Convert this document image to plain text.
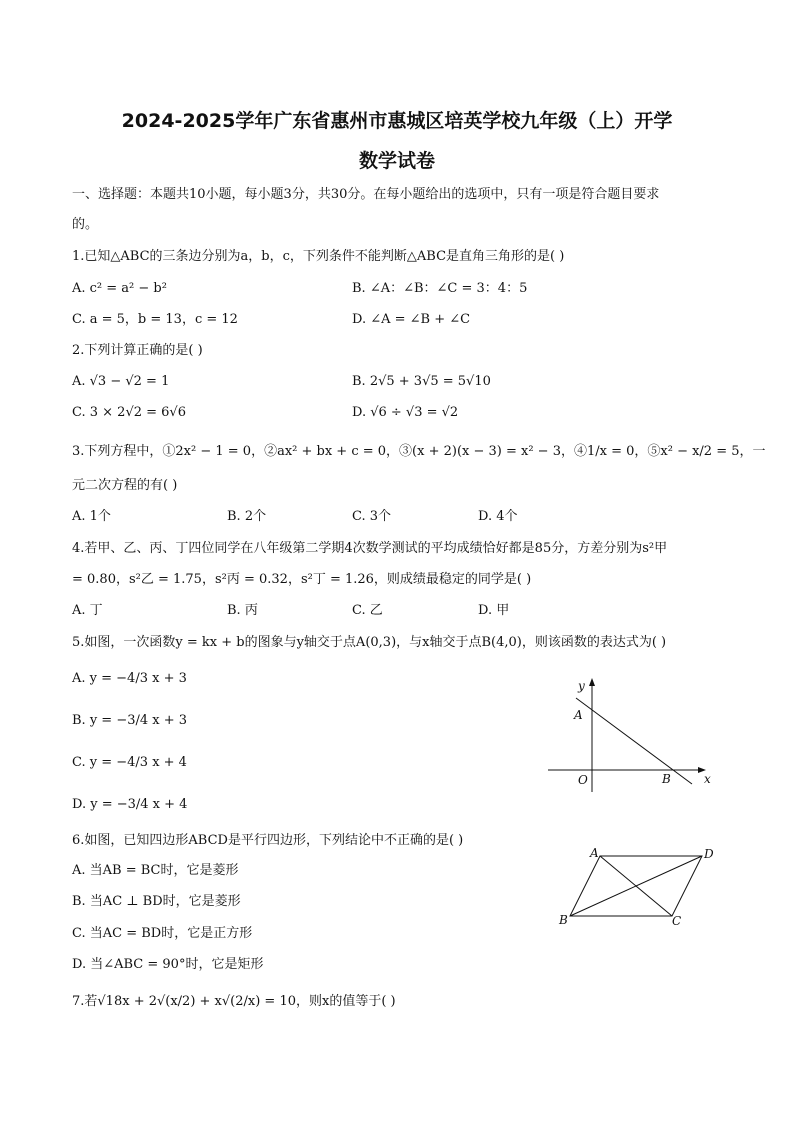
2024-2025学年广东省惠州市惠城区培英学校九年级（上）开学
数学试卷
一、选择题：本题共10小题，每小题3分，共30分。在每小题给出的选项中，只有一项是符合题目要求
的。
1.已知△ABC的三条边分别为a，b，c，下列条件不能判断△ABC是直角三角形的是( )
A. c² = a² − b²	B. ∠A：∠B：∠C = 3：4：5
C. a = 5，b = 13，c = 12	D. ∠A = ∠B + ∠C
2.下列计算正确的是( )
A. √3 − √2 = 1	B. 2√5 + 3√5 = 5√10
C. 3 × 2√2 = 6√6	D. √6 ÷ √3 = √2
3.下列方程中，①2x² − 1 = 0，②ax² + bx + c = 0，③(x + 2)(x − 3) = x² − 3，④1/x = 0，⑤x² − x/2 = 5，一
元二次方程的有( )
A. 1个	B. 2个	C. 3个	D. 4个
4.若甲、乙、丙、丁四位同学在八年级第二学期4次数学测试的平均成绩恰好都是85分，方差分别为s²甲
= 0.80，s²乙 = 1.75，s²丙 = 0.32，s²丁 = 1.26，则成绩最稳定的同学是( )
A. 丁	B. 丙	C. 乙	D. 甲
5.如图，一次函数y = kx + b的图象与y轴交于点A(0,3)，与x轴交于点B(4,0)，则该函数的表达式为( )
A. y = −4/3 x + 3
B. y = −3/4 x + 3
C. y = −4/3 x + 4
D. y = −3/4 x + 4
y
A
O	B	x
6.如图，已知四边形ABCD是平行四边形，下列结论中不正确的是( )
A. 当AB = BC时，它是菱形
B. 当AC ⊥ BD时，它是菱形
C. 当AC = BD时，它是正方形
D. 当∠ABC = 90°时，它是矩形
A	D
B	C
7.若√18x + 2√(x/2) + x√(2/x) = 10，则x的值等于( )
